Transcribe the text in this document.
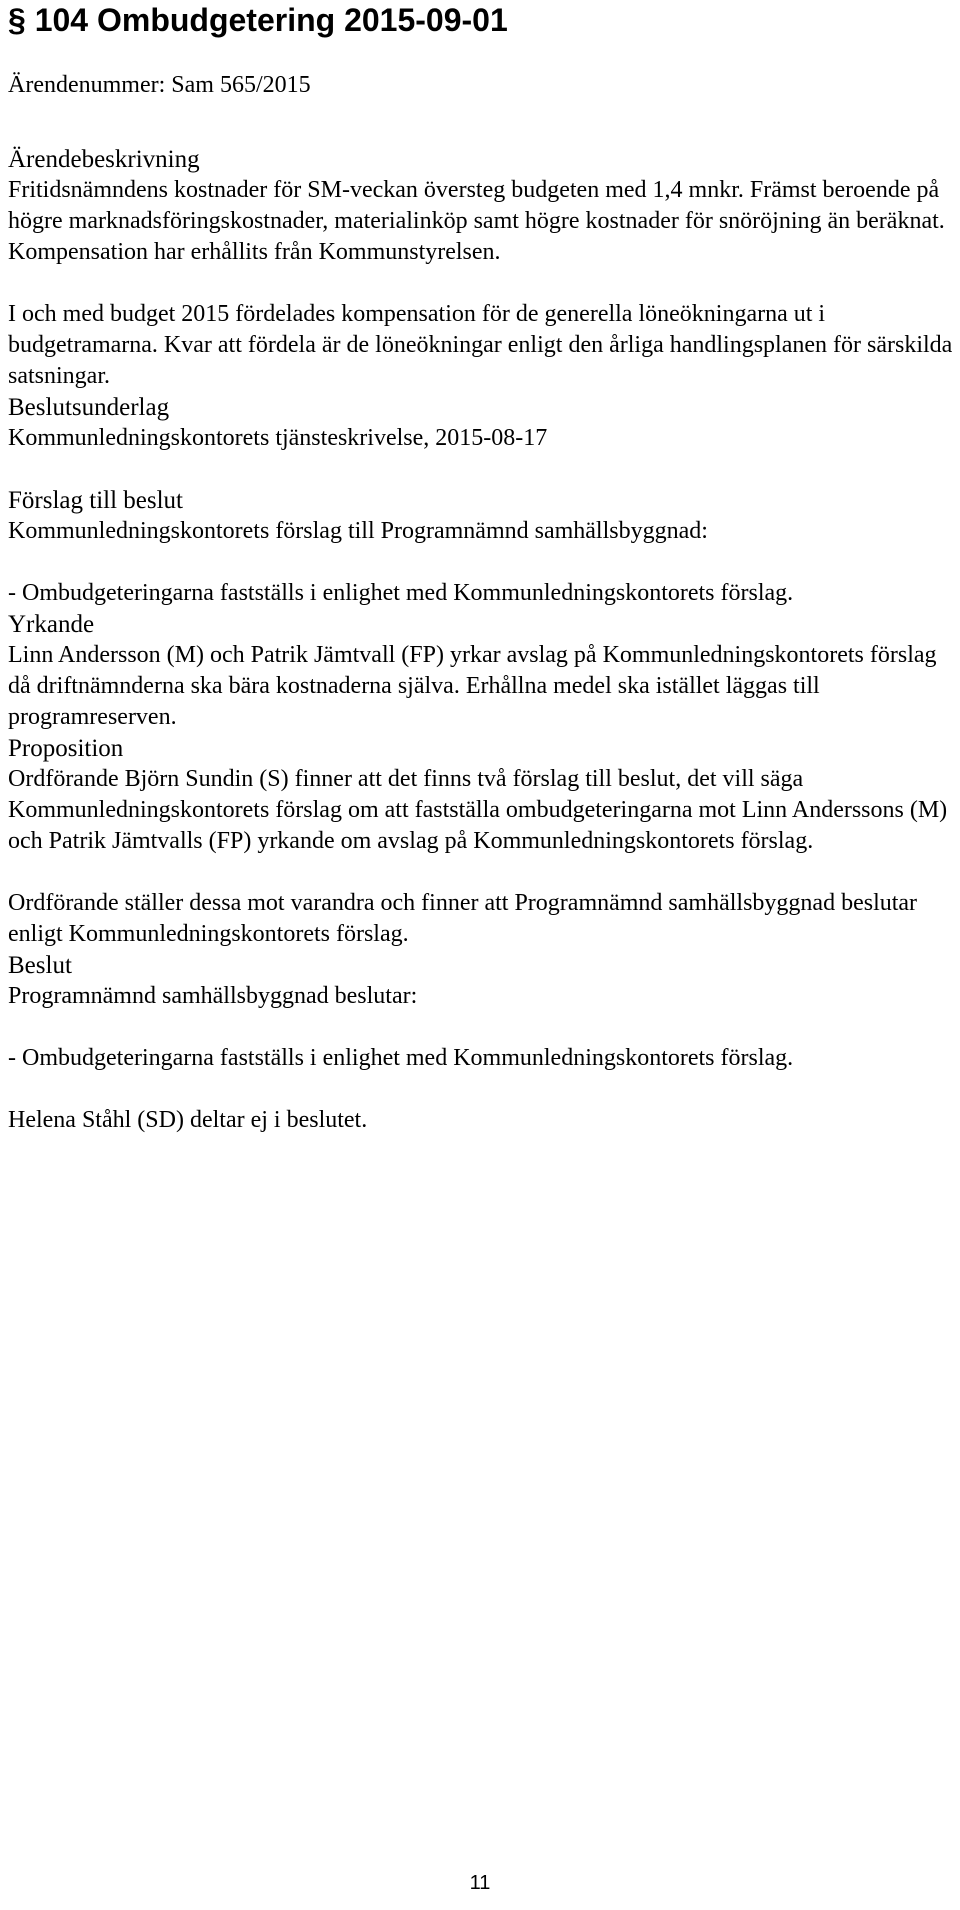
§ 104 Ombudgetering 2015-09-01

Ärendenummer: Sam 565/2015

Ärendebeskrivning

Fritidsnämndens kostnader för SM-veckan översteg budgeten med 1,4 mnkr. Främst beroende på högre marknadsföringskostnader, materialinköp samt högre kostnader för snöröjning än beräknat. Kompensation har erhållits från Kommunstyrelsen.

I och med budget 2015 fördelades kompensation för de generella löneökningarna ut i budgetramarna. Kvar att fördela är de löneökningar enligt den årliga handlingsplanen för särskilda satsningar.

Beslutsunderlag

Kommunledningskontorets tjänsteskrivelse, 2015-08-17

Förslag till beslut

Kommunledningskontorets förslag till Programnämnd samhällsbyggnad:

- Ombudgeteringarna fastställs i enlighet med Kommunledningskontorets förslag.

Yrkande

Linn Andersson (M) och Patrik Jämtvall (FP) yrkar avslag på Kommunledningskontorets förslag då driftnämnderna ska bära kostnaderna själva. Erhållna medel ska istället läggas till programreserven.

Proposition

Ordförande Björn Sundin (S) finner att det finns två förslag till beslut, det vill säga Kommunledningskontorets förslag om att fastställa ombudgeteringarna mot Linn Anderssons (M) och Patrik Jämtvalls (FP) yrkande om avslag på Kommunledningskontorets förslag.

Ordförande ställer dessa mot varandra och finner att Programnämnd samhällsbyggnad beslutar enligt Kommunledningskontorets förslag.

Beslut

Programnämnd samhällsbyggnad beslutar:

- Ombudgeteringarna fastställs i enlighet med Kommunledningskontorets förslag.

Helena Ståhl (SD) deltar ej i beslutet.

11
